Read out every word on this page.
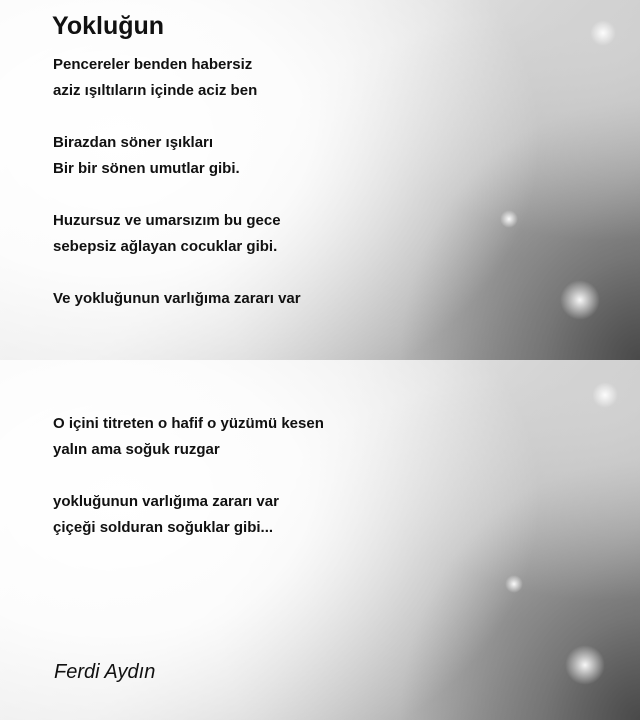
Yokluğun
Pencereler benden habersiz
aziz ışıltıların içinde aciz ben
Birazdan söner ışıkları
Bir bir sönen umutlar gibi.
Huzursuz ve umarsızım bu gece
sebepsiz ağlayan cocuklar gibi.
Ve yokluğunun varlığıma zararı var
O içini titreten o hafif o yüzümü kesen
yalın ama soğuk ruzgar
yokluğunun varlığıma zararı var
çiçeği solduran soğuklar gibi...
Ferdi Aydın
